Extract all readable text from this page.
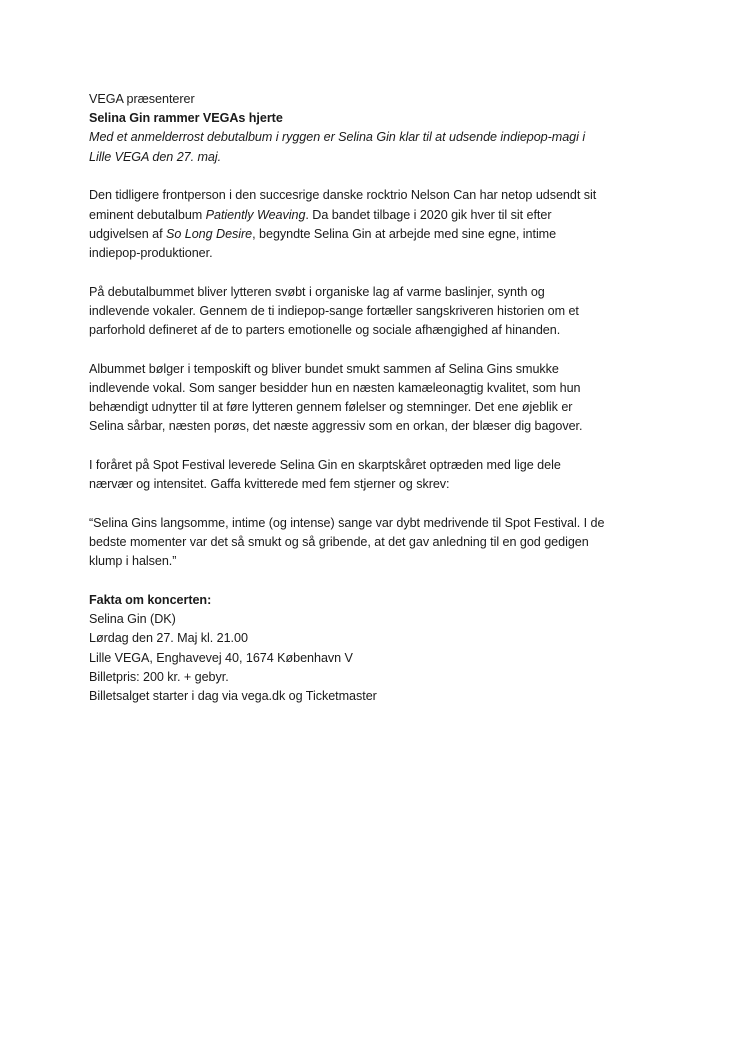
VEGA præsenterer
Selina Gin rammer VEGAs hjerte
Med et anmelderrost debutalbum i ryggen er Selina Gin klar til at udsende indiepop-magi i
Lille VEGA den 27. maj.
Den tidligere frontperson i den succesrige danske rocktrio Nelson Can har netop udsendt sit
eminent debutalbum Patiently Weaving. Da bandet tilbage i 2020 gik hver til sit efter
udgivelsen af So Long Desire, begyndte Selina Gin at arbejde med sine egne, intime
indiepop-produktioner.
På debutalbummet bliver lytteren svøbt i organiske lag af varme baslinjer, synth og
indlevende vokaler. Gennem de ti indiepop-sange fortæller sangskriveren historien om et
parforhold defineret af de to parters emotionelle og sociale afhængighed af hinanden.
Albummet bølger i temposkift og bliver bundet smukt sammen af Selina Gins smukke
indlevende vokal. Som sanger besidder hun en næsten kamæleonagtig kvalitet, som hun
behændigt udnytter til at føre lytteren gennem følelser og stemninger. Det ene øjeblik er
Selina sårbar, næsten porøs, det næste aggressiv som en orkan, der blæser dig bagover.
I foråret på Spot Festival leverede Selina Gin en skarptskåret optræden med lige dele
nærvær og intensitet. Gaffa kvitterede med fem stjerner og skrev:
“Selina Gins langsomme, intime (og intense) sange var dybt medrivende til Spot Festival. I de
bedste momenter var det så smukt og så gribende, at det gav anledning til en god gedigen
klump i halsen.”
Fakta om koncerten:
Selina Gin (DK)
Lørdag den 27. Maj kl. 21.00
Lille VEGA, Enghavevej 40, 1674 København V
Billetpris: 200 kr. + gebyr.
Billetsalget starter i dag via vega.dk og Ticketmaster
